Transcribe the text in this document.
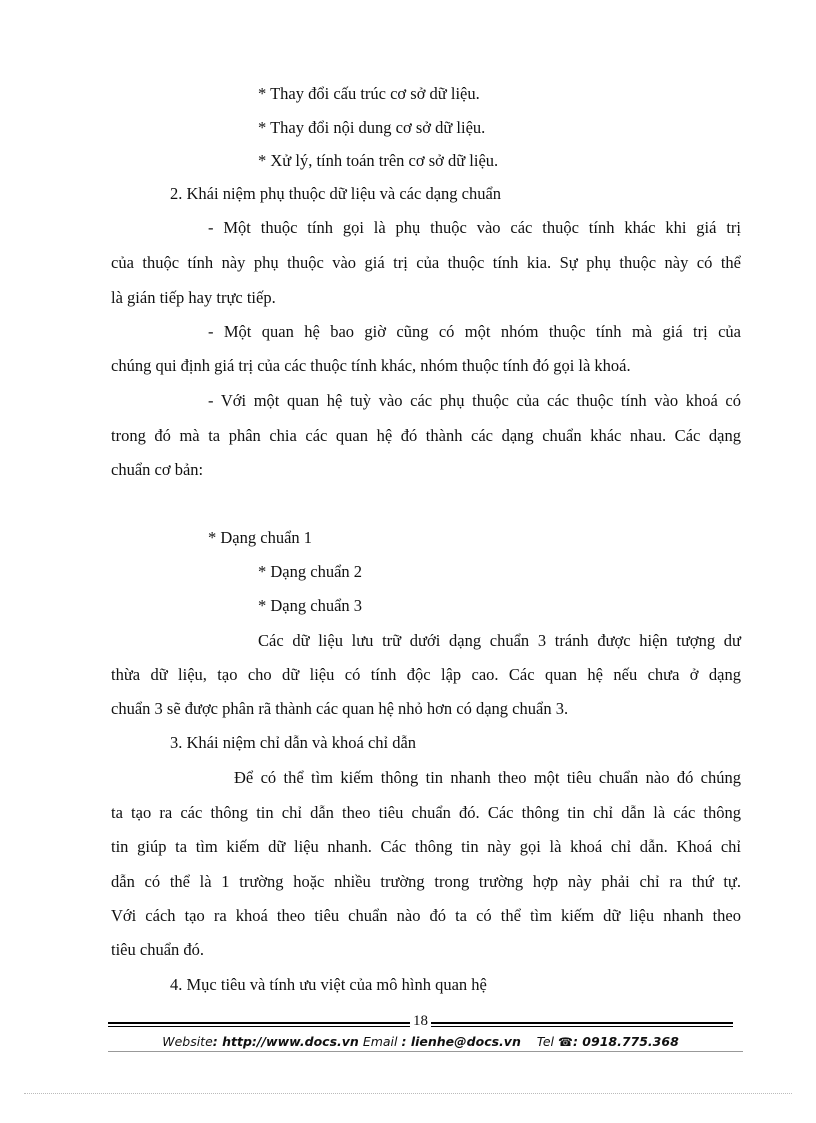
* Thay đổi cấu trúc cơ sở dữ liệu.
* Thay đổi nội dung cơ sở dữ liệu.
* Xử lý, tính toán trên cơ sở dữ liệu.
2. Khái niệm phụ thuộc dữ liệu và các dạng chuẩn
- Một thuộc tính gọi là phụ thuộc vào các thuộc tính khác khi giá trị
của thuộc tính này phụ thuộc vào giá trị của thuộc tính kia. Sự phụ thuộc này có thể
là gián tiếp hay trực tiếp.
- Một quan hệ bao giờ cũng có một nhóm thuộc tính mà giá trị của
chúng qui định giá trị của các thuộc tính khác, nhóm thuộc tính đó gọi là khoá.
- Với một quan hệ tuỳ vào các phụ thuộc của các thuộc tính vào khoá có
trong đó mà ta phân chia các quan hệ đó thành các dạng chuẩn khác nhau. Các dạng
chuẩn cơ bản:
* Dạng chuẩn 1
* Dạng chuẩn 2
* Dạng chuẩn 3
Các dữ liệu lưu trữ dưới dạng chuẩn 3 tránh được hiện tượng dư
thừa dữ liệu, tạo cho dữ liệu có tính độc lập cao. Các quan hệ nếu chưa ở dạng
chuẩn 3 sẽ được phân rã thành các quan hệ nhỏ hơn có dạng chuẩn 3.
3. Khái niệm chỉ dẫn và khoá chỉ dẫn
Để có thể tìm kiếm thông tin nhanh theo một tiêu chuẩn nào đó chúng
ta tạo ra các thông tin chỉ dẫn theo tiêu chuẩn đó. Các thông tin chỉ dẫn là các thông
tin giúp ta tìm kiếm dữ liệu nhanh. Các thông tin này gọi là khoá chỉ dẫn. Khoá chỉ
dẫn có thể là 1 trường hoặc nhiều trường trong trường hợp này phải chỉ ra thứ tự.
Với cách tạo ra khoá theo tiêu chuẩn nào đó ta có thể tìm kiếm dữ liệu nhanh theo
tiêu chuẩn đó.
4. Mục tiêu và tính ưu việt của mô hình quan hệ
18
Website: http://www.docs.vn Email : lienhe@docs.vn Tel ☎: 0918.775.368
